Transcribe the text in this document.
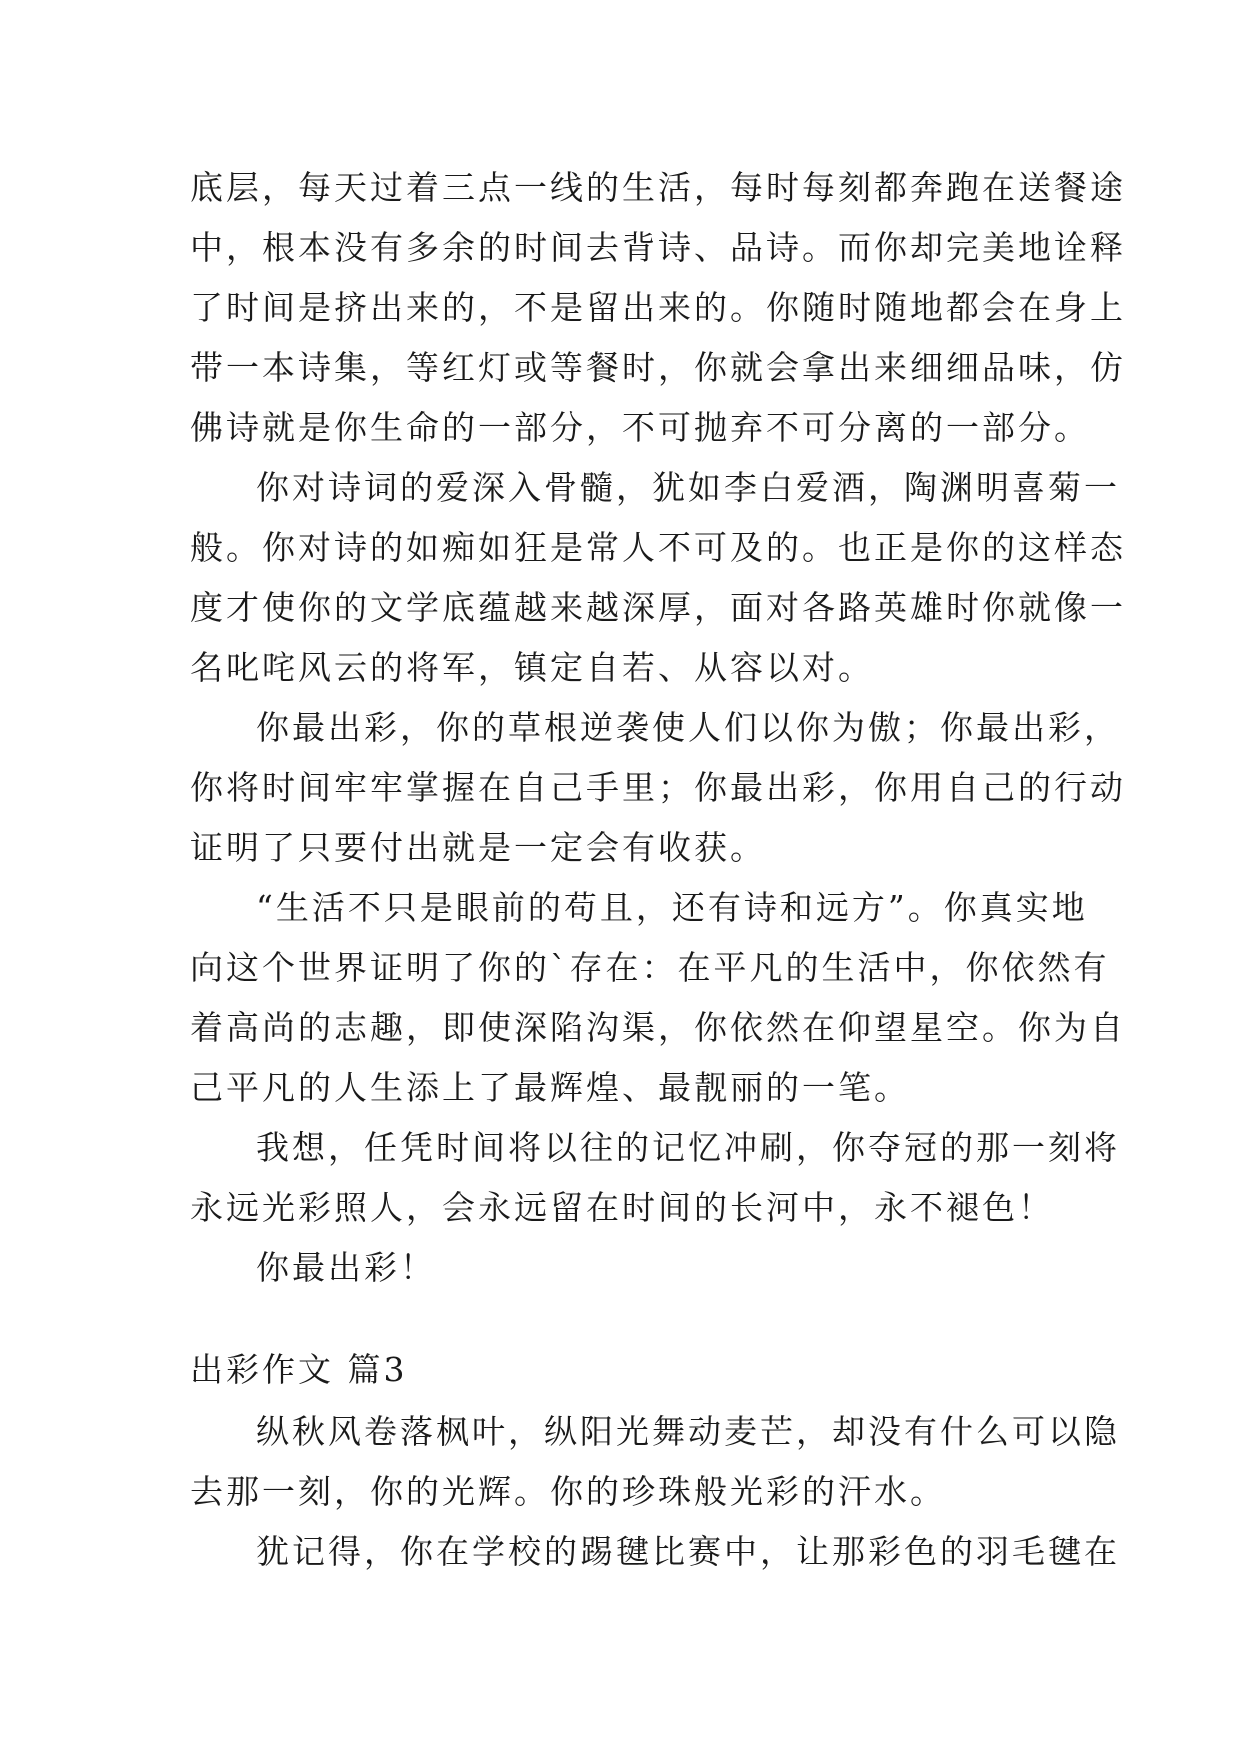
底层，每天过着三点一线的生活，每时每刻都奔跑在送餐途
中，根本没有多余的时间去背诗、品诗。而你却完美地诠释
了时间是挤出来的，不是留出来的。你随时随地都会在身上
带一本诗集，等红灯或等餐时，你就会拿出来细细品味，仿
佛诗就是你生命的一部分，不可抛弃不可分离的一部分。
你对诗词的爱深入骨髓，犹如李白爱酒，陶渊明喜菊一
般。你对诗的如痴如狂是常人不可及的。也正是你的这样态
度才使你的文学底蕴越来越深厚，面对各路英雄时你就像一
名叱咤风云的将军，镇定自若、从容以对。
你最出彩，你的草根逆袭使人们以你为傲；你最出彩，
你将时间牢牢掌握在自己手里；你最出彩，你用自己的行动
证明了只要付出就是一定会有收获。
“生活不只是眼前的苟且，还有诗和远方”。你真实地
向这个世界证明了你的`存在：在平凡的生活中，你依然有
着高尚的志趣，即使深陷沟渠，你依然在仰望星空。你为自
己平凡的人生添上了最辉煌、最靓丽的一笔。
我想，任凭时间将以往的记忆冲刷，你夺冠的那一刻将
永远光彩照人，会永远留在时间的长河中，永不褪色！
你最出彩！
出彩作文 篇3
纵秋风卷落枫叶，纵阳光舞动麦芒，却没有什么可以隐
去那一刻，你的光辉。你的珍珠般光彩的汗水。
犹记得，你在学校的踢毽比赛中，让那彩色的羽毛毽在
